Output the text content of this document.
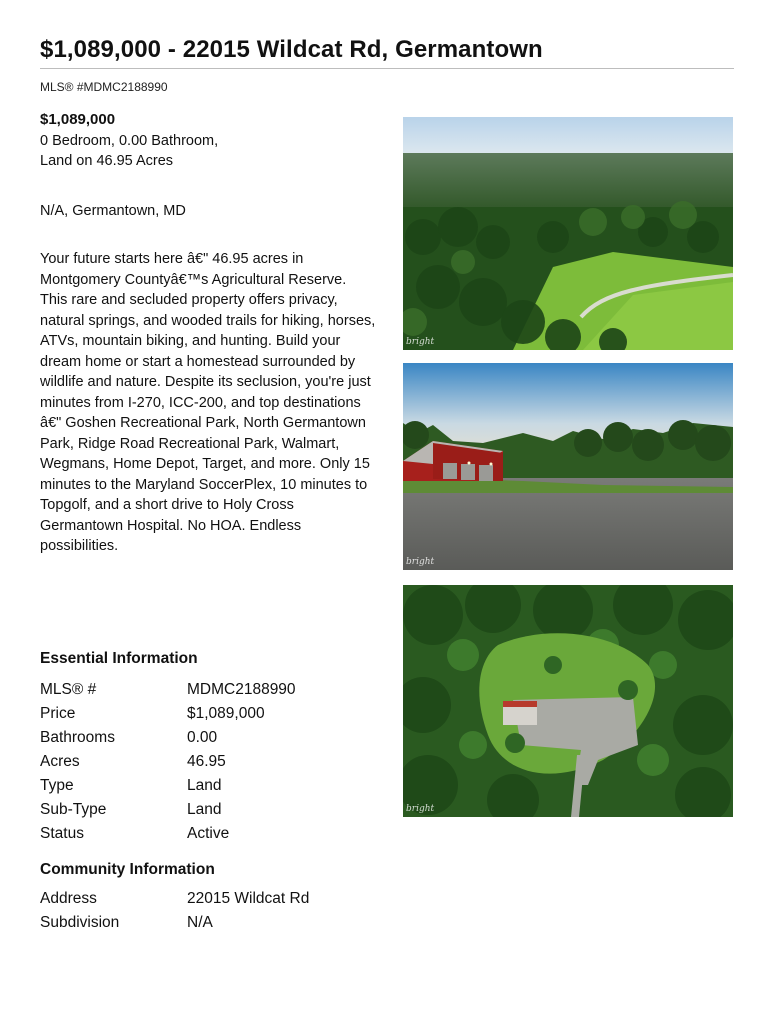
$1,089,000 - 22015 Wildcat Rd, Germantown
MLS® #MDMC2188990
$1,089,000
0 Bedroom, 0.00 Bathroom,
Land on 46.95 Acres
N/A, Germantown, MD

Your future starts here â€" 46.95 acres in Montgomery Countyâ€™s Agricultural Reserve.

This rare and secluded property offers privacy, natural springs, and wooded trails for hiking, horses, ATVs, mountain biking, and hunting. Build your dream home or start a homestead surrounded by wildlife and nature. Despite its seclusion, you're just minutes from I-270, ICC-200, and top destinations â€" Goshen Recreational Park, North Germantown Park, Ridge Road Recreational Park, Walmart, Wegmans, Home Depot, Target, and more. Only 15 minutes to the Maryland SoccerPlex, 10 minutes to Topgolf, and a short drive to Holy Cross Germantown Hospital. No HOA. Endless possibilities.

Essential Information
MLS® #	MDMC2188990
Price	$1,089,000
Bathrooms	0.00
Acres	46.95
Type	Land
Sub-Type	Land
Status	Active
Community Information
Address	22015 Wildcat Rd
Subdivision	N/A
bright
bright
bright
